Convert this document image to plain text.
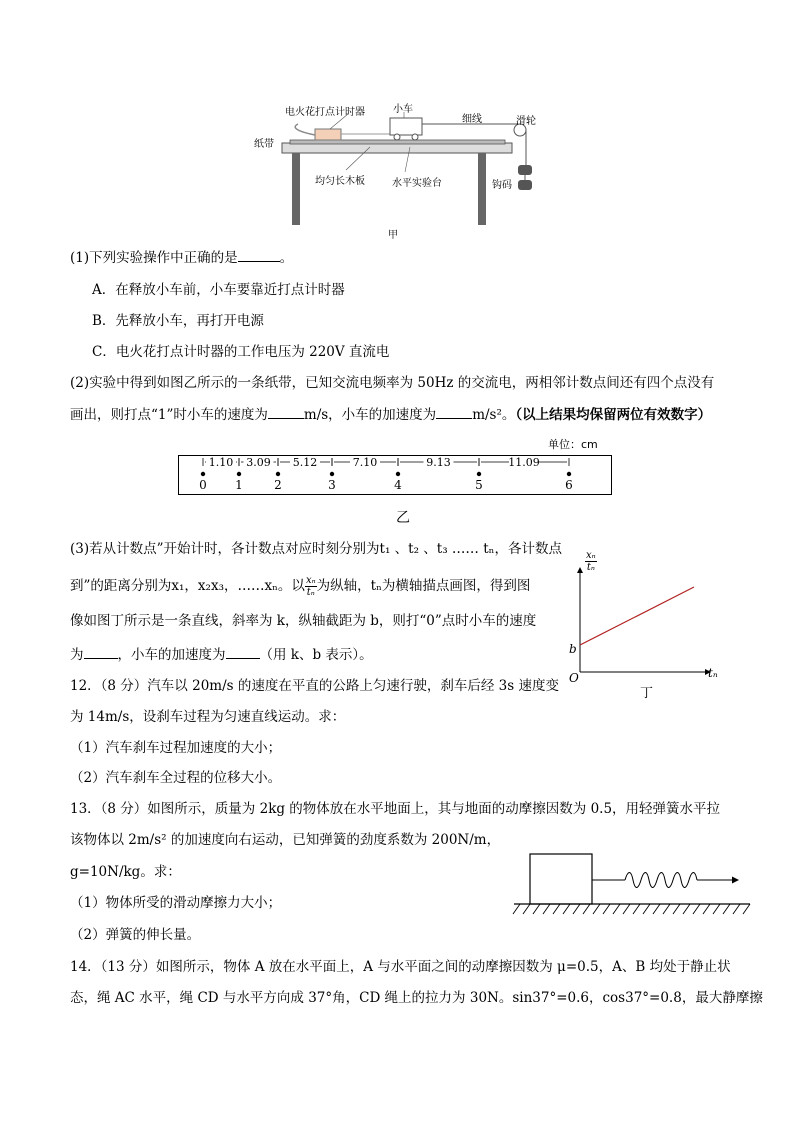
电火花打点计时器	小车
细线	滑轮
纸带
均匀长木板	水平实验台	钩码
甲
(1)下列实验操作中正确的是	。
A．在释放小车前，小车要靠近打点计时器
B．先释放小车，再打开电源
C．电火花打点计时器的工作电压为 220V 直流电
(2)实验中得到如图乙所示的一条纸带，已知交流电频率为 50Hz 的交流电，两相邻计数点间还有四个点没有
画出，则打点“1”时小车的速度为	m/s，小车的加速度为	m/s²。（以上结果均保留两位有效数字）
单位：cm
0 1	2	3	4	5	6
1.10 3.09 5.12	7.10	9.13	11.09
乙
(3)若从计数点”开始计时，各计数点对应时刻分别为t₁ 、t₂ 、t₃ …… tₙ，各计数点
到”的距离分别为x₁，x₂x₃，……xₙ。以 $\frac{\text{xₙ}}{\text{tₙ}}$ 为纵轴，tₙ为横轴描点画图，得到图
像如图丁所示是一条直线，斜率为 k，纵轴截距为 b，则打“0”点时小车的速度
为	，小车的加速度为	（用 k、b 表示）。
$\frac{\text{xₙ}}{\text{tₙ}}$
tₙ
O
b
丁
12．（8 分）汽车以 20m/s 的速度在平直的公路上匀速行驶，刹车后经 3s 速度变
为 14m/s，设刹车过程为匀速直线运动。求：
（1）汽车刹车过程加速度的大小；
（2）汽车刹车全过程的位移大小。
13．（8 分）如图所示，质量为 2kg 的物体放在水平地面上，其与地面的动摩擦因数为 0.5，用轻弹簧水平拉
该物体以 2m/s² 的加速度向右运动，已知弹簧的劲度系数为 200N/m，
g=10N/kg。求：
（1）物体所受的滑动摩擦力大小；
（2）弹簧的伸长量。
14．（13 分）如图所示，物体 A 放在水平面上，A 与水平面之间的动摩擦因数为 μ=0.5，A、B 均处于静止状
态，绳 AC 水平，绳 CD 与水平方向成 37°角，CD 绳上的拉力为 30N。sin37°=0.6，cos37°=0.8，最大静摩擦
